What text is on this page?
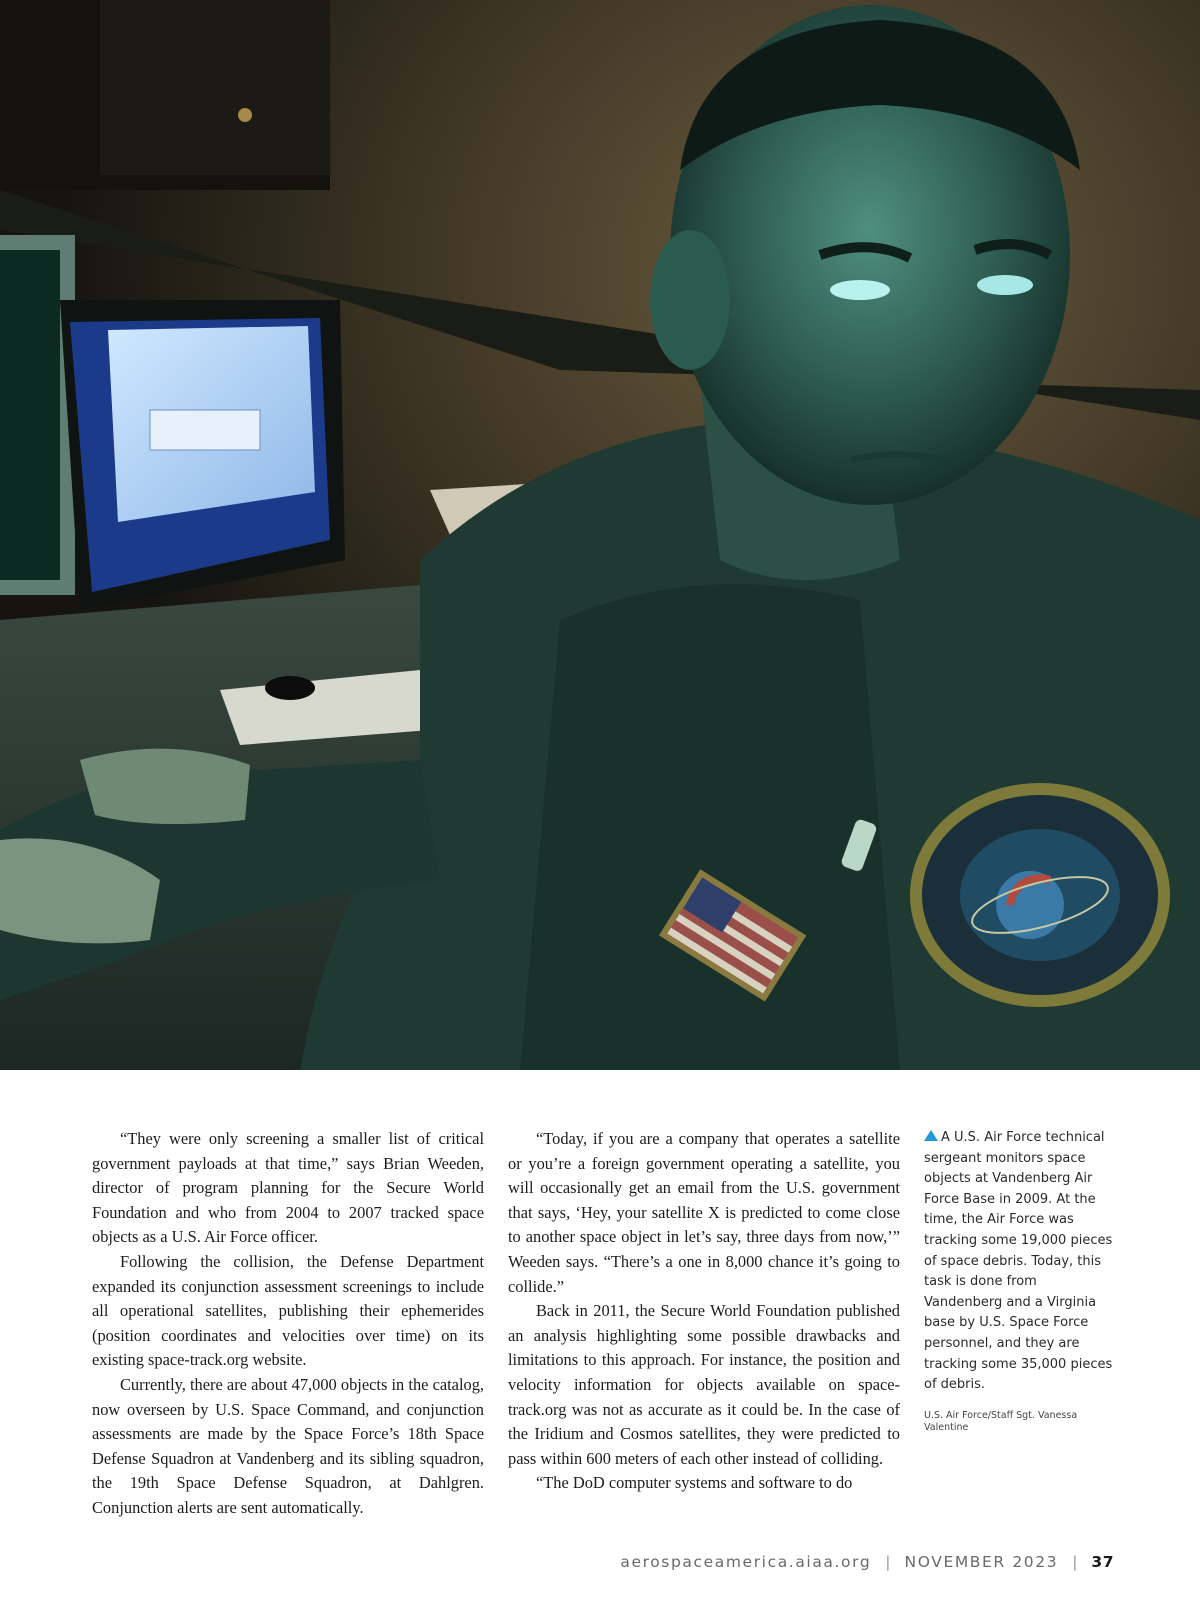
“They were only screening a smaller list of critical government payloads at that time,” says Brian Weeden, director of program planning for the Secure World Foundation and who from 2004 to 2007 tracked space objects as a U.S. Air Force officer.

Following the collision, the Defense Department expanded its conjunction assessment screenings to include all operational satellites, publishing their ephemerides (position coordinates and velocities over time) on its existing space-track.org website.

Currently, there are about 47,000 objects in the catalog, now overseen by U.S. Space Command, and conjunction assessments are made by the Space Force’s 18th Space Defense Squadron at Vandenberg and its sibling squadron, the 19th Space Defense Squadron, at Dahlgren. Conjunction alerts are sent automatically.

“Today, if you are a company that operates a satellite or you’re a foreign government operating a satellite, you will occasionally get an email from the U.S. government that says, ‘Hey, your satellite X is predicted to come close to another space object in let’s say, three days from now,’” Weeden says. “There’s a one in 8,000 chance it’s going to collide.”

Back in 2011, the Secure World Foundation published an analysis highlighting some possible drawbacks and limitations to this approach. For instance, the position and velocity information for objects available on space-track.org was not as accurate as it could be. In the case of the Iridium and Cosmos satellites, they were predicted to pass within 600 meters of each other instead of colliding.

“The DoD computer systems and software to do

A U.S. Air Force technical sergeant monitors space objects at Vandenberg Air Force Base in 2009. At the time, the Air Force was tracking some 19,000 pieces of space debris. Today, this task is done from Vandenberg and a Virginia base by U.S. Space Force personnel, and they are tracking some 35,000 pieces of debris.
U.S. Air Force/Staff Sgt. Vanessa Valentine
aerospaceamerica.aiaa.org | NOVEMBER 2023 | 37
